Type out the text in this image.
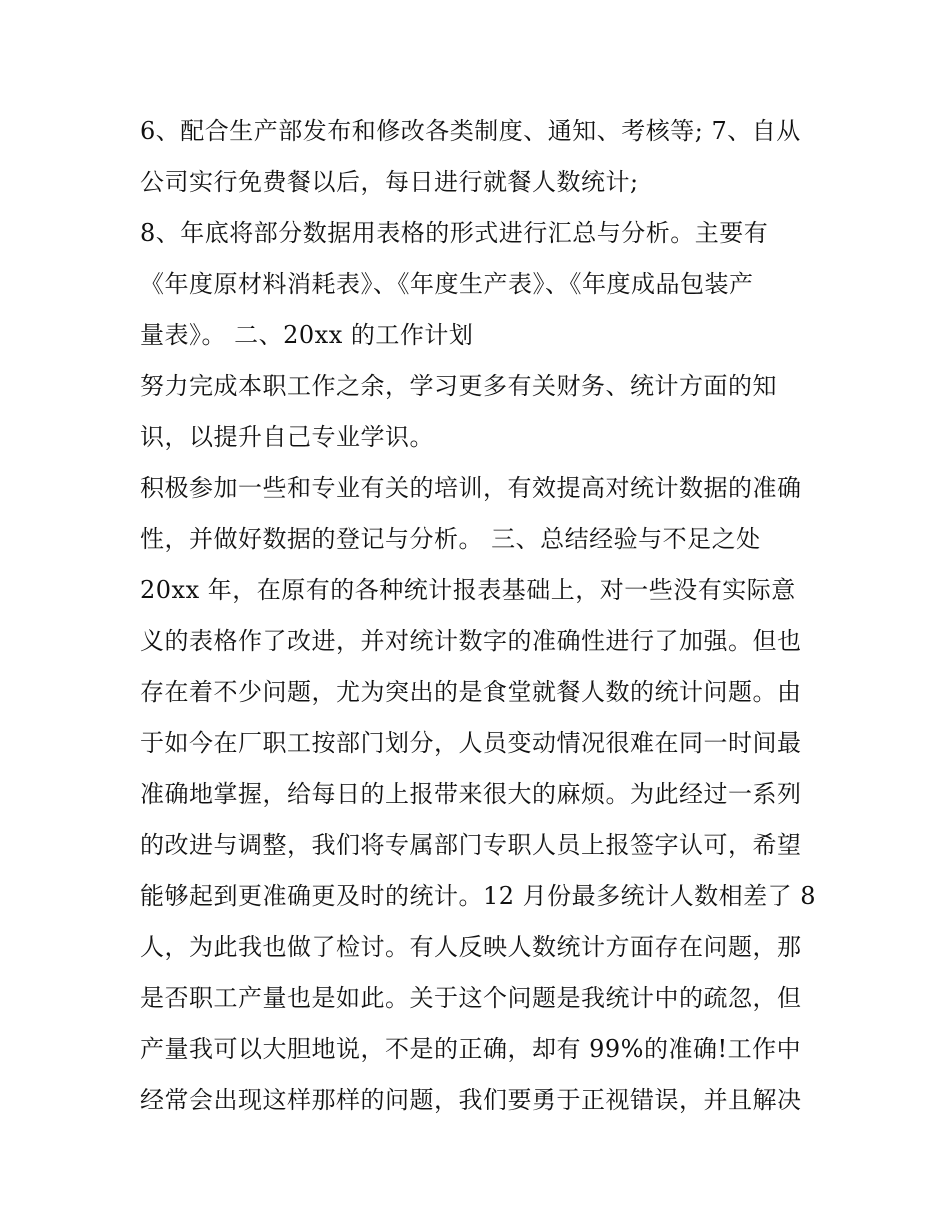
6、配合生产部发布和修改各类制度、通知、考核等; 7、自从
公司实行免费餐以后，每日进行就餐人数统计;
8、年底将部分数据用表格的形式进行汇总与分析。主要有
《年度原材料消耗表》、《年度生产表》、《年度成品包装产
量表》。 二、20xx 的工作计划
努力完成本职工作之余，学习更多有关财务、统计方面的知
识，以提升自己专业学识。
积极参加一些和专业有关的培训，有效提高对统计数据的准确
性，并做好数据的登记与分析。 三、总结经验与不足之处
20xx 年，在原有的各种统计报表基础上，对一些没有实际意
义的表格作了改进，并对统计数字的准确性进行了加强。但也
存在着不少问题，尤为突出的是食堂就餐人数的统计问题。由
于如今在厂职工按部门划分，人员变动情况很难在同一时间最
准确地掌握，给每日的上报带来很大的麻烦。为此经过一系列
的改进与调整，我们将专属部门专职人员上报签字认可，希望
能够起到更准确更及时的统计。12 月份最多统计人数相差了 8
人，为此我也做了检讨。有人反映人数统计方面存在问题，那
是否职工产量也是如此。关于这个问题是我统计中的疏忽，但
产量我可以大胆地说，不是的正确，却有 99%的准确!工作中
经常会出现这样那样的问题，我们要勇于正视错误，并且解决
